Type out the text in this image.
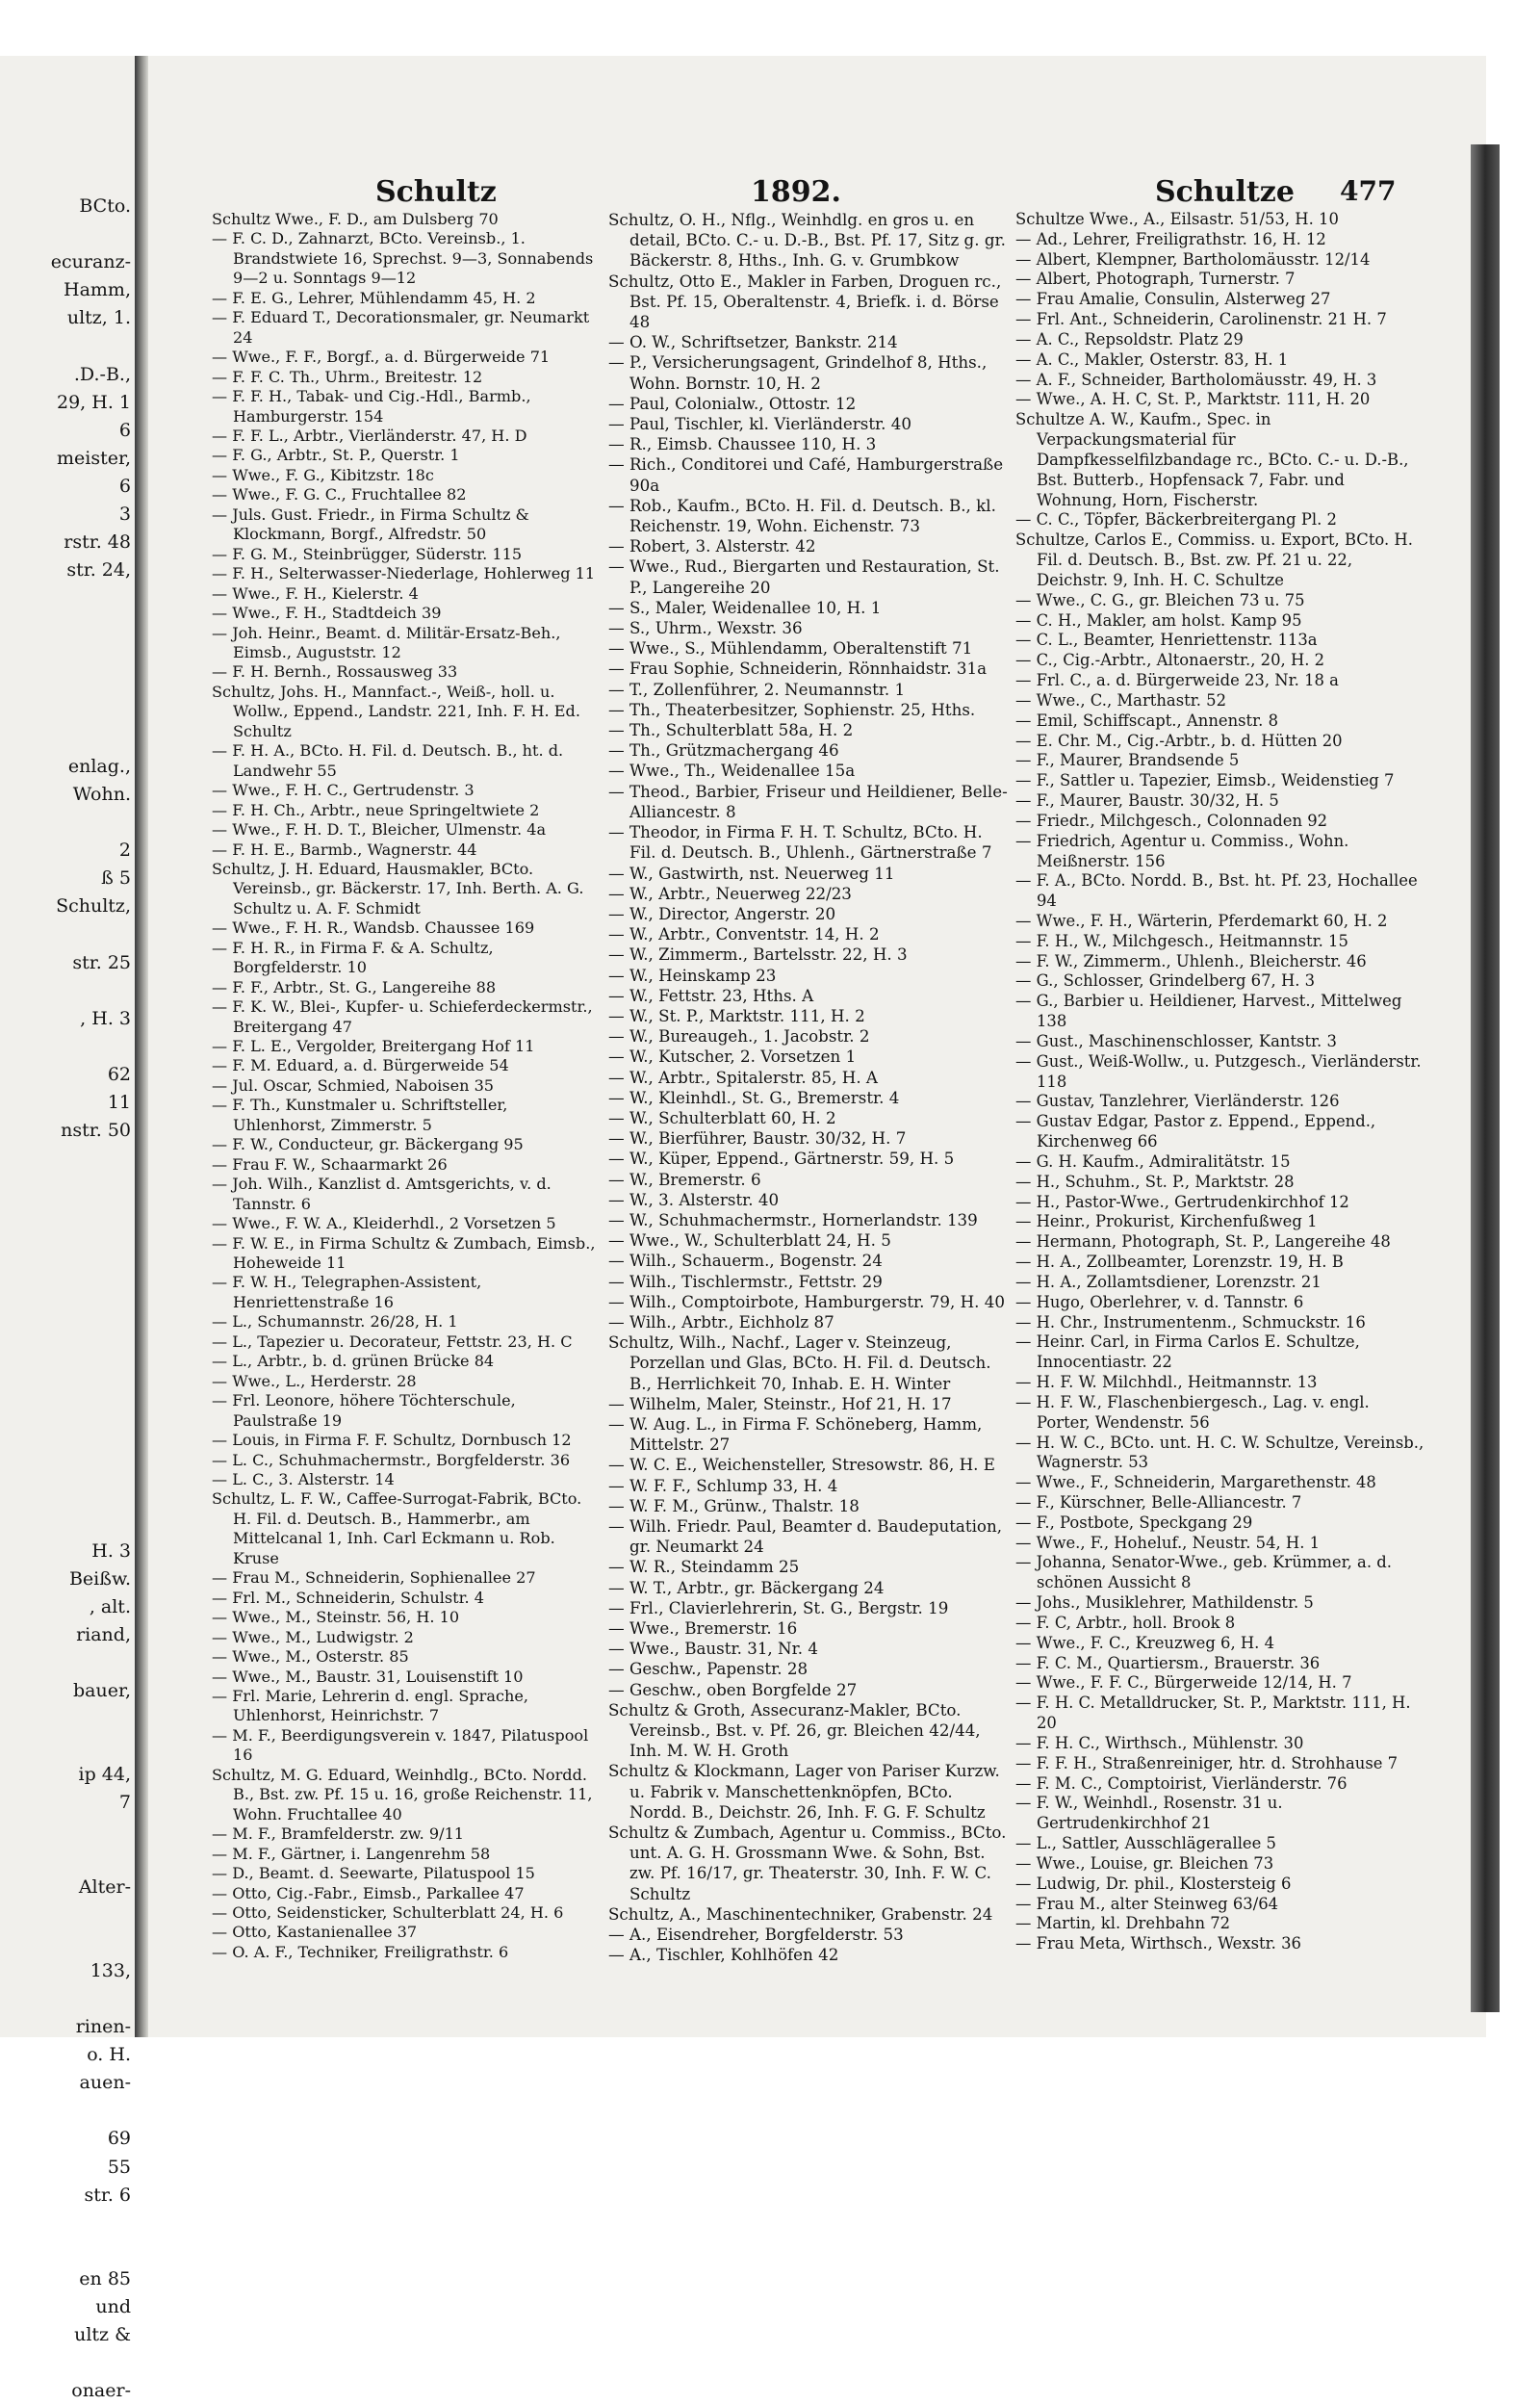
BCto.
ecuranz-
Hamm,
ultz, 1.
.D.-B.,
29, H. 1
6
meister,
6
3
rstr. 48
str. 24,
enlag.,
Wohn.
2
ß 5
Schultz,
str. 25
, H. 3
62
11
nstr. 50
H. 3
Beißw.
, alt.
riand,
bauer,
ip 44,
7
Alter-
133,
rinen-
o. H.
auen-
69
55
str. 6
en 85
und
ultz &
onaer-
Schultz	1892.	Schultze 477
Schultz Wwe., F. D., am Dulsberg 70
— F. C. D., Zahnarzt, BCto. Vereinsb., 1. Brandstwiete 16, Sprechst. 9—3, Sonnabends 9—2 u. Sonntags 9—12
— F. E. G., Lehrer, Mühlendamm 45, H. 2
— F. Eduard T., Decorationsmaler, gr. Neumarkt 24
— Wwe., F. F., Borgf., a. d. Bürgerweide 71
— F. F. C. Th., Uhrm., Breitestr. 12
— F. F. H., Tabak- und Cig.-Hdl., Barmb., Hamburgerstr. 154
— F. F. L., Arbtr., Vierländerstr. 47, H. D
— F. G., Arbtr., St. P., Querstr. 1
— Wwe., F. G., Kibitzstr. 18c
— Wwe., F. G. C., Fruchtallee 82
— Juls. Gust. Friedr., in Firma Schultz & Klockmann, Borgf., Alfredstr. 50
— F. G. M., Steinbrügger, Süderstr. 115
— F. H., Selterwasser-Niederlage, Hohlerweg 11
— Wwe., F. H., Kielerstr. 4
— Wwe., F. H., Stadtdeich 39
— Joh. Heinr., Beamt. d. Militär-Ersatz-Beh., Eimsb., Auguststr. 12
— F. H. Bernh., Rossausweg 33
Schultz, Johs. H., Mannfact.-, Weiß-, holl. u. Wollw., Eppend., Landstr. 221, Inh. F. H. Ed. Schultz
— F. H. A., BCto. H. Fil. d. Deutsch. B., ht. d. Landwehr 55
— Wwe., F. H. C., Gertrudenstr. 3
— F. H. Ch., Arbtr., neue Springeltwiete 2
— Wwe., F. H. D. T., Bleicher, Ulmenstr. 4a
— F. H. E., Barmb., Wagnerstr. 44
Schultz, J. H. Eduard, Hausmakler, BCto. Vereinsb., gr. Bäckerstr. 17, Inh. Berth. A. G. Schultz u. A. F. Schmidt
— Wwe., F. H. R., Wandsb. Chaussee 169
— F. H. R., in Firma F. & A. Schultz, Borgfelderstr. 10
— F. F., Arbtr., St. G., Langereihe 88
— F. K. W., Blei-, Kupfer- u. Schieferdeckermstr., Breitergang 47
— F. L. E., Vergolder, Breitergang Hof 11
— F. M. Eduard, a. d. Bürgerweide 54
— Jul. Oscar, Schmied, Naboisen 35
— F. Th., Kunstmaler u. Schriftsteller, Uhlenhorst, Zimmerstr. 5
— F. W., Conducteur, gr. Bäckergang 95
— Frau F. W., Schaarmarkt 26
— Joh. Wilh., Kanzlist d. Amtsgerichts, v. d. Tannstr. 6
— Wwe., F. W. A., Kleiderhdl., 2 Vorsetzen 5
— F. W. E., in Firma Schultz & Zumbach, Eimsb., Hoheweide 11
— F. W. H., Telegraphen-Assistent, Henriettenstraße 16
— L., Schumannstr. 26/28, H. 1
— L., Tapezier u. Decorateur, Fettstr. 23, H. C
— L., Arbtr., b. d. grünen Brücke 84
— Wwe., L., Herderstr. 28
— Frl. Leonore, höhere Töchterschule, Paulstraße 19
— Louis, in Firma F. F. Schultz, Dornbusch 12
— L. C., Schuhmachermstr., Borgfelderstr. 36
— L. C., 3. Alsterstr. 14
Schultz, L. F. W., Caffee-Surrogat-Fabrik, BCto. H. Fil. d. Deutsch. B., Hammerbr., am Mittelcanal 1, Inh. Carl Eckmann u. Rob. Kruse
— Frau M., Schneiderin, Sophienallee 27
— Frl. M., Schneiderin, Schulstr. 4
— Wwe., M., Steinstr. 56, H. 10
— Wwe., M., Ludwigstr. 2
— Wwe., M., Osterstr. 85
— Wwe., M., Baustr. 31, Louisenstift 10
— Frl. Marie, Lehrerin d. engl. Sprache, Uhlenhorst, Heinrichstr. 7
— M. F., Beerdigungsverein v. 1847, Pilatuspool 16
Schultz, M. G. Eduard, Weinhdlg., BCto. Nordd. B., Bst. zw. Pf. 15 u. 16, große Reichenstr. 11, Wohn. Fruchtallee 40
— M. F., Bramfelderstr. zw. 9/11
— M. F., Gärtner, i. Langenrehm 58
— D., Beamt. d. Seewarte, Pilatuspool 15
— Otto, Cig.-Fabr., Eimsb., Parkallee 47
— Otto, Seidensticker, Schulterblatt 24, H. 6
— Otto, Kastanienallee 37
— O. A. F., Techniker, Freiligrathstr. 6
Schultz, O. H., Nflg., Weinhdlg. en gros u. en detail, BCto. C.- u. D.-B., Bst. Pf. 17, Sitz g. gr. Bäckerstr. 8, Hths., Inh. G. v. Grumbkow
Schultz, Otto E., Makler in Farben, Droguen rc., Bst. Pf. 15, Oberaltenstr. 4, Briefk. i. d. Börse 48
— O. W., Schriftsetzer, Bankstr. 214
— P., Versicherungsagent, Grindelhof 8, Hths., Wohn. Bornstr. 10, H. 2
— Paul, Colonialw., Ottostr. 12
— Paul, Tischler, kl. Vierländerstr. 40
— R., Eimsb. Chaussee 110, H. 3
— Rich., Conditorei und Café, Hamburgerstraße 90a
— Rob., Kaufm., BCto. H. Fil. d. Deutsch. B., kl. Reichenstr. 19, Wohn. Eichenstr. 73
— Robert, 3. Alsterstr. 42
— Wwe., Rud., Biergarten und Restauration, St. P., Langereihe 20
— S., Maler, Weidenallee 10, H. 1
— S., Uhrm., Wexstr. 36
— Wwe., S., Mühlendamm, Oberaltenstift 71
— Frau Sophie, Schneiderin, Rönnhaidstr. 31a
— T., Zollenführer, 2. Neumannstr. 1
— Th., Theaterbesitzer, Sophienstr. 25, Hths.
— Th., Schulterblatt 58a, H. 2
— Th., Grützmachergang 46
— Wwe., Th., Weidenallee 15a
— Theod., Barbier, Friseur und Heildiener, Belle-Alliancestr. 8
— Theodor, in Firma F. H. T. Schultz, BCto. H. Fil. d. Deutsch. B., Uhlenh., Gärtnerstraße 7
— W., Gastwirth, nst. Neuerweg 11
— W., Arbtr., Neuerweg 22/23
— W., Director, Angerstr. 20
— W., Arbtr., Conventstr. 14, H. 2
— W., Zimmerm., Bartelsstr. 22, H. 3
— W., Heinskamp 23
— W., Fettstr. 23, Hths. A
— W., St. P., Marktstr. 111, H. 2
— W., Bureaugeh., 1. Jacobstr. 2
— W., Kutscher, 2. Vorsetzen 1
— W., Arbtr., Spitalerstr. 85, H. A
— W., Kleinhdl., St. G., Bremerstr. 4
— W., Schulterblatt 60, H. 2
— W., Bierführer, Baustr. 30/32, H. 7
— W., Küper, Eppend., Gärtnerstr. 59, H. 5
— W., Bremerstr. 6
— W., 3. Alsterstr. 40
— W., Schuhmachermstr., Hornerlandstr. 139
— Wwe., W., Schulterblatt 24, H. 5
— Wilh., Schauerm., Bogenstr. 24
— Wilh., Tischlermstr., Fettstr. 29
— Wilh., Comptoirbote, Hamburgerstr. 79, H. 40
— Wilh., Arbtr., Eichholz 87
Schultz, Wilh., Nachf., Lager v. Steinzeug, Porzellan und Glas, BCto. H. Fil. d. Deutsch. B., Herrlichkeit 70, Inhab. E. H. Winter
— Wilhelm, Maler, Steinstr., Hof 21, H. 17
— W. Aug. L., in Firma F. Schöneberg, Hamm, Mittelstr. 27
— W. C. E., Weichensteller, Stresowstr. 86, H. E
— W. F. F., Schlump 33, H. 4
— W. F. M., Grünw., Thalstr. 18
— Wilh. Friedr. Paul, Beamter d. Baudeputation, gr. Neumarkt 24
— W. R., Steindamm 25
— W. T., Arbtr., gr. Bäckergang 24
— Frl., Clavierlehrerin, St. G., Bergstr. 19
— Wwe., Bremerstr. 16
— Wwe., Baustr. 31, Nr. 4
— Geschw., Papenstr. 28
— Geschw., oben Borgfelde 27
Schultz & Groth, Assecuranz-Makler, BCto. Vereinsb., Bst. v. Pf. 26, gr. Bleichen 42/44, Inh. M. W. H. Groth
Schultz & Klockmann, Lager von Pariser Kurzw. u. Fabrik v. Manschettenknöpfen, BCto. Nordd. B., Deichstr. 26, Inh. F. G. F. Schultz
Schultz & Zumbach, Agentur u. Commiss., BCto. unt. A. G. H. Grossmann Wwe. & Sohn, Bst. zw. Pf. 16/17, gr. Theaterstr. 30, Inh. F. W. C. Schultz
Schultz, A., Maschinentechniker, Grabenstr. 24
— A., Eisendreher, Borgfelderstr. 53
— A., Tischler, Kohlhöfen 42
Schultze Wwe., A., Eilsastr. 51/53, H. 10
— Ad., Lehrer, Freiligrathstr. 16, H. 12
— Albert, Klempner, Bartholomäusstr. 12/14
— Albert, Photograph, Turnerstr. 7
— Frau Amalie, Consulin, Alsterweg 27
— Frl. Ant., Schneiderin, Carolinenstr. 21 H. 7
— A. C., Repsoldstr. Platz 29
— A. C., Makler, Osterstr. 83, H. 1
— A. F., Schneider, Bartholomäusstr. 49, H. 3
— Wwe., A. H. C, St. P., Marktstr. 111, H. 20
Schultze A. W., Kaufm., Spec. in Verpackungsmaterial für Dampfkesselfilzbandage rc., BCto. C.- u. D.-B., Bst. Butterb., Hopfensack 7, Fabr. und Wohnung, Horn, Fischerstr.
— C. C., Töpfer, Bäckerbreitergang Pl. 2
Schultze, Carlos E., Commiss. u. Export, BCto. H. Fil. d. Deutsch. B., Bst. zw. Pf. 21 u. 22, Deichstr. 9, Inh. H. C. Schultze
— Wwe., C. G., gr. Bleichen 73 u. 75
— C. H., Makler, am holst. Kamp 95
— C. L., Beamter, Henriettenstr. 113a
— C., Cig.-Arbtr., Altonaerstr., 20, H. 2
— Frl. C., a. d. Bürgerweide 23, Nr. 18 a
— Wwe., C., Marthastr. 52
— Emil, Schiffscapt., Annenstr. 8
— E. Chr. M., Cig.-Arbtr., b. d. Hütten 20
— F., Maurer, Brandsende 5
— F., Sattler u. Tapezier, Eimsb., Weidenstieg 7
— F., Maurer, Baustr. 30/32, H. 5
— Friedr., Milchgesch., Colonnaden 92
— Friedrich, Agentur u. Commiss., Wohn. Meißnerstr. 156
— F. A., BCto. Nordd. B., Bst. ht. Pf. 23, Hochallee 94
— Wwe., F. H., Wärterin, Pferdemarkt 60, H. 2
— F. H., W., Milchgesch., Heitmannstr. 15
— F. W., Zimmerm., Uhlenh., Bleicherstr. 46
— G., Schlosser, Grindelberg 67, H. 3
— G., Barbier u. Heildiener, Harvest., Mittelweg 138
— Gust., Maschinenschlosser, Kantstr. 3
— Gust., Weiß-Wollw., u. Putzgesch., Vierländerstr. 118
— Gustav, Tanzlehrer, Vierländerstr. 126
— Gustav Edgar, Pastor z. Eppend., Eppend., Kirchenweg 66
— G. H. Kaufm., Admiralitätstr. 15
— H., Schuhm., St. P., Marktstr. 28
— H., Pastor-Wwe., Gertrudenkirchhof 12
— Heinr., Prokurist, Kirchenfußweg 1
— Hermann, Photograph, St. P., Langereihe 48
— H. A., Zollbeamter, Lorenzstr. 19, H. B
— H. A., Zollamtsdiener, Lorenzstr. 21
— Hugo, Oberlehrer, v. d. Tannstr. 6
— H. Chr., Instrumentenm., Schmuckstr. 16
— Heinr. Carl, in Firma Carlos E. Schultze, Innocentiastr. 22
— H. F. W. Milchhdl., Heitmannstr. 13
— H. F. W., Flaschenbiergesch., Lag. v. engl. Porter, Wendenstr. 56
— H. W. C., BCto. unt. H. C. W. Schultze, Vereinsb., Wagnerstr. 53
— Wwe., F., Schneiderin, Margarethenstr. 48
— F., Kürschner, Belle-Alliancestr. 7
— F., Postbote, Speckgang 29
— Wwe., F., Hoheluf., Neustr. 54, H. 1
— Johanna, Senator-Wwe., geb. Krümmer, a. d. schönen Aussicht 8
— Johs., Musiklehrer, Mathildenstr. 5
— F. C, Arbtr., holl. Brook 8
— Wwe., F. C., Kreuzweg 6, H. 4
— F. C. M., Quartiersm., Brauerstr. 36
— Wwe., F. F. C., Bürgerweide 12/14, H. 7
— F. H. C. Metalldrucker, St. P., Marktstr. 111, H. 20
— F. H. C., Wirthsch., Mühlenstr. 30
— F. F. H., Straßenreiniger, htr. d. Strohhause 7
— F. M. C., Comptoirist, Vierländerstr. 76
— F. W., Weinhdl., Rosenstr. 31 u. Gertrudenkirchhof 21
— L., Sattler, Ausschlägerallee 5
— Wwe., Louise, gr. Bleichen 73
— Ludwig, Dr. phil., Klostersteig 6
— Frau M., alter Steinweg 63/64
— Martin, kl. Drehbahn 72
— Frau Meta, Wirthsch., Wexstr. 36
